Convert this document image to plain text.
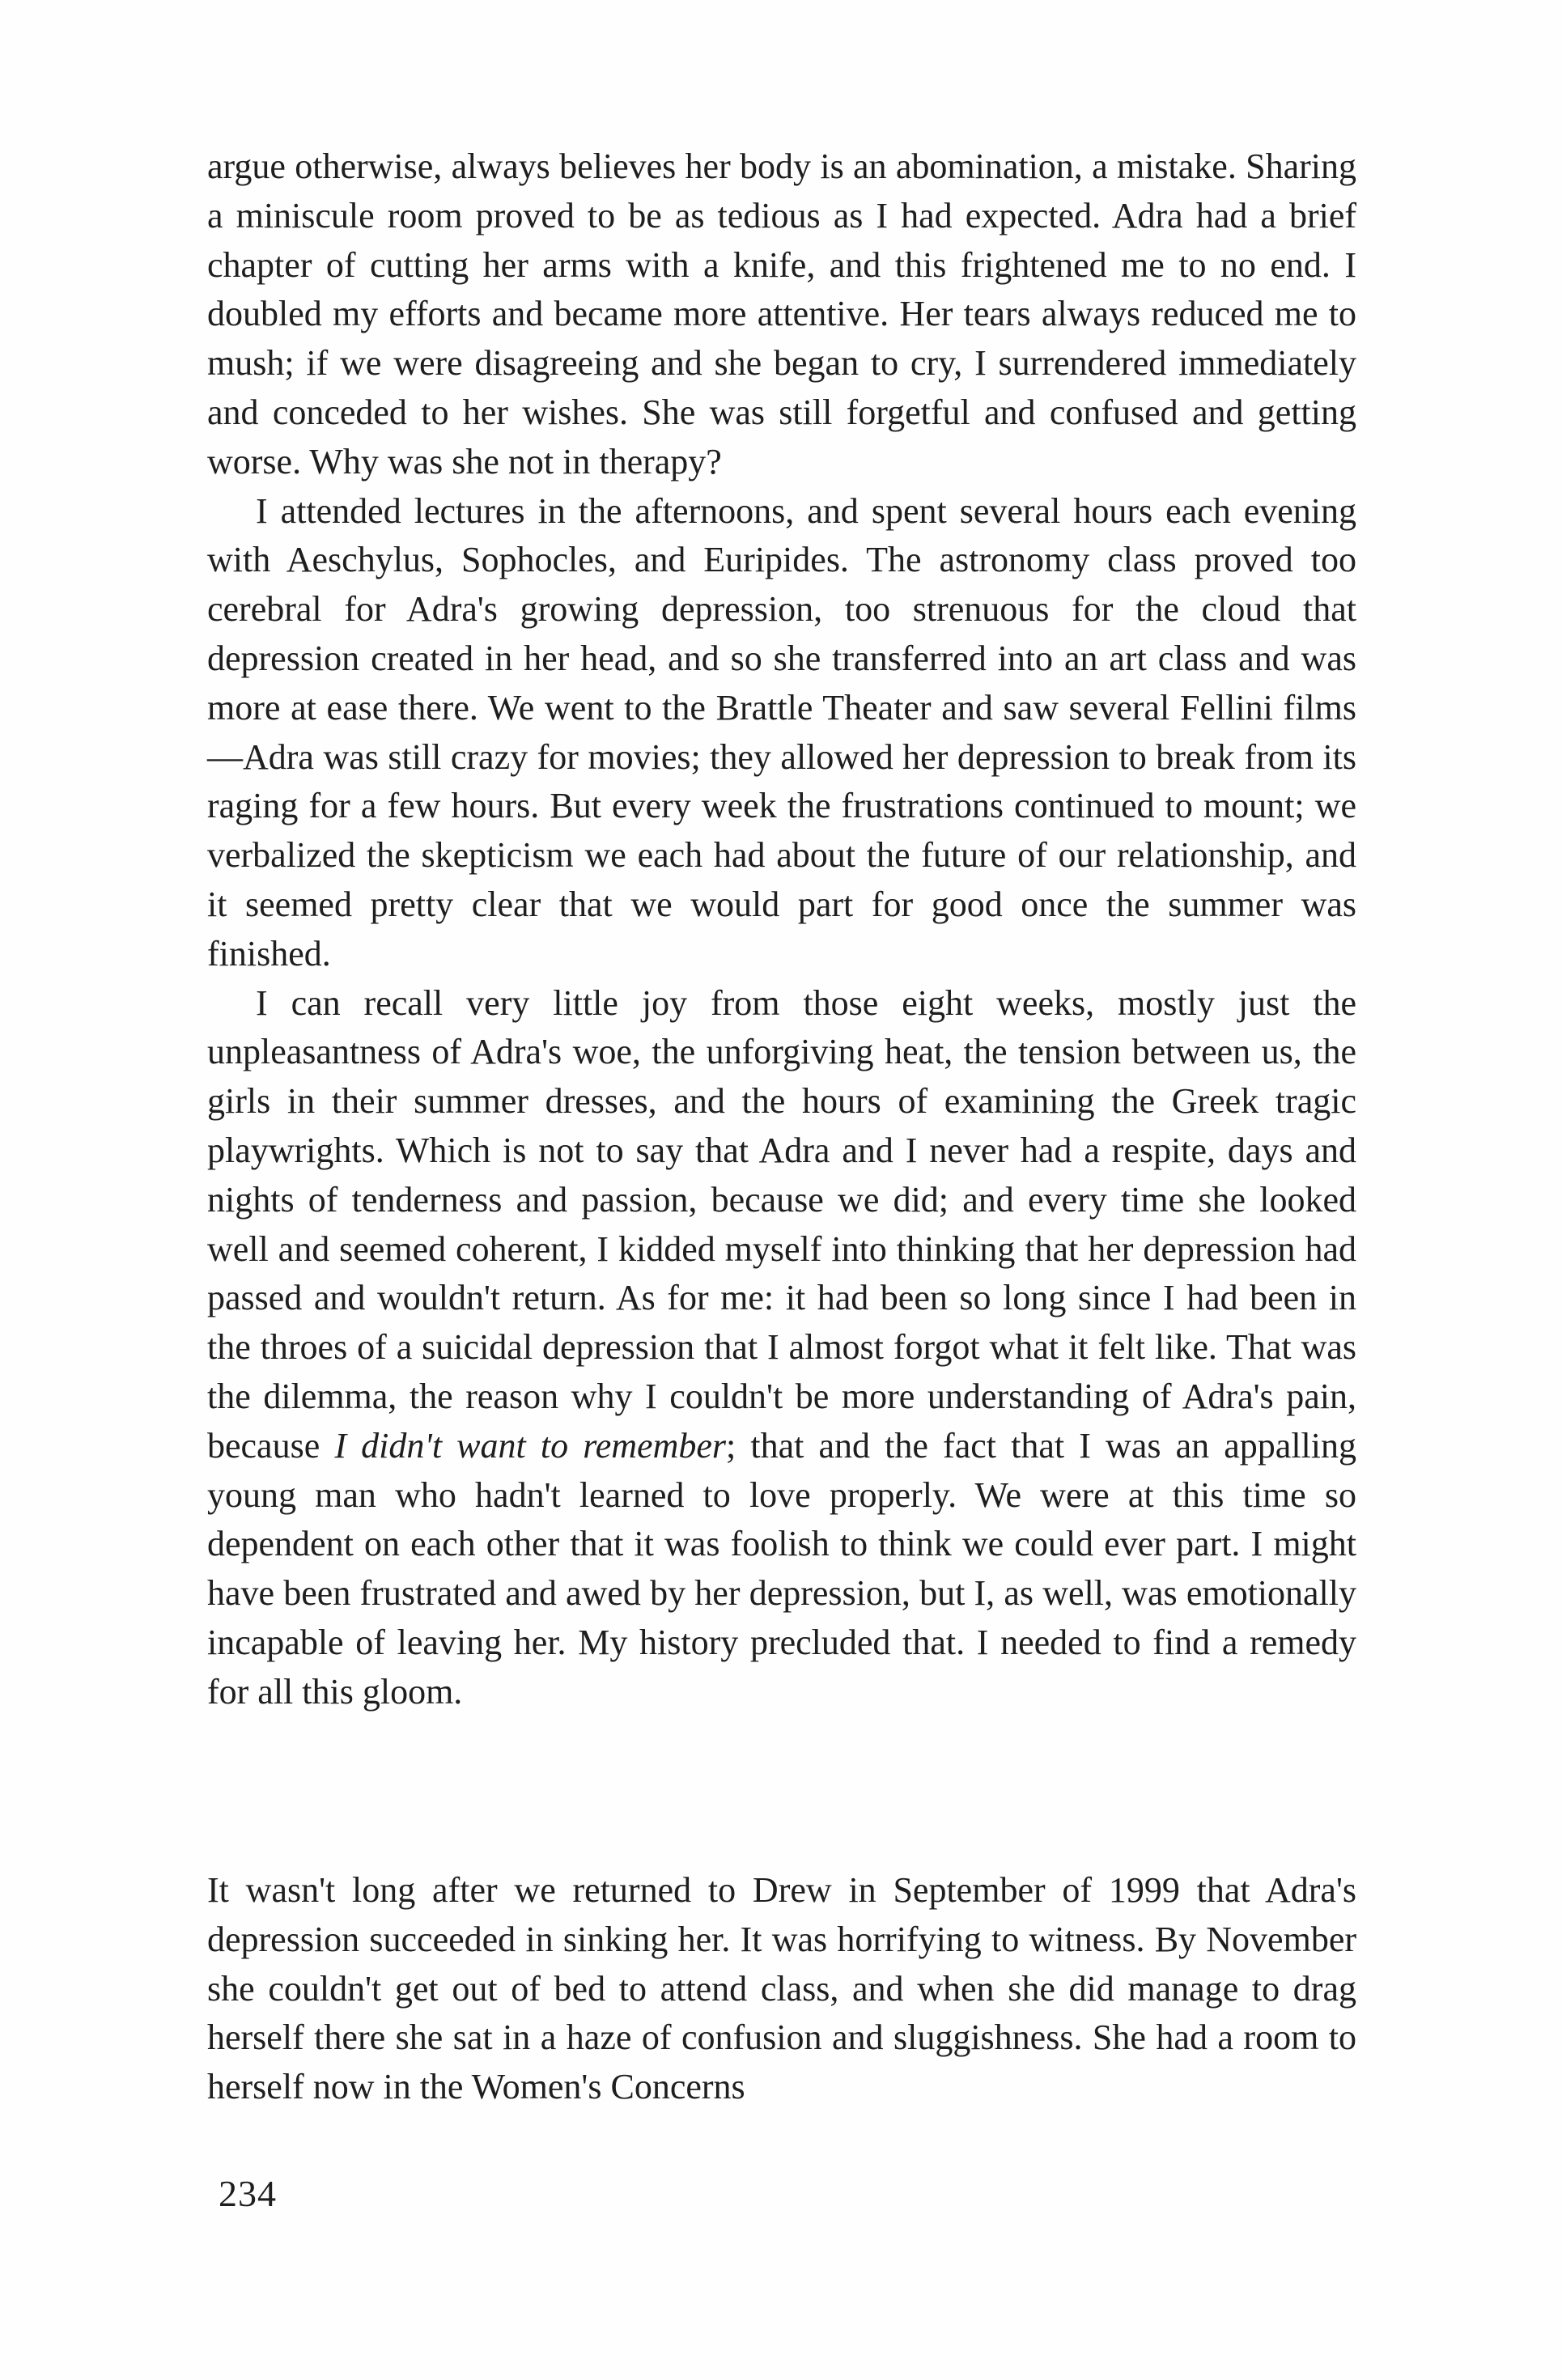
argue otherwise, always believes her body is an abomination, a mistake. Sharing a miniscule room proved to be as tedious as I had expected. Adra had a brief chapter of cutting her arms with a knife, and this frightened me to no end. I doubled my efforts and became more attentive. Her tears always reduced me to mush; if we were disagreeing and she began to cry, I surrendered immediately and conceded to her wishes. She was still forgetful and confused and getting worse. Why was she not in therapy?

I attended lectures in the afternoons, and spent several hours each evening with Aeschylus, Sophocles, and Euripides. The astronomy class proved too cerebral for Adra's growing depression, too strenuous for the cloud that depression created in her head, and so she transferred into an art class and was more at ease there. We went to the Brattle Theater and saw several Fellini films—Adra was still crazy for movies; they allowed her depression to break from its raging for a few hours. But every week the frustrations continued to mount; we verbalized the skepticism we each had about the future of our relationship, and it seemed pretty clear that we would part for good once the summer was finished.

I can recall very little joy from those eight weeks, mostly just the unpleasantness of Adra's woe, the unforgiving heat, the tension between us, the girls in their summer dresses, and the hours of examining the Greek tragic playwrights. Which is not to say that Adra and I never had a respite, days and nights of tenderness and passion, because we did; and every time she looked well and seemed coherent, I kidded myself into thinking that her depression had passed and wouldn't return. As for me: it had been so long since I had been in the throes of a suicidal depression that I almost forgot what it felt like. That was the dilemma, the reason why I couldn't be more understanding of Adra's pain, because I didn't want to remember; that and the fact that I was an appalling young man who hadn't learned to love properly. We were at this time so dependent on each other that it was foolish to think we could ever part. I might have been frustrated and awed by her depression, but I, as well, was emotionally incapable of leaving her. My history precluded that. I needed to find a remedy for all this gloom.

It wasn't long after we returned to Drew in September of 1999 that Adra's depression succeeded in sinking her. It was horrifying to witness. By November she couldn't get out of bed to attend class, and when she did manage to drag herself there she sat in a haze of confusion and sluggishness. She had a room to herself now in the Women's Concerns

234
